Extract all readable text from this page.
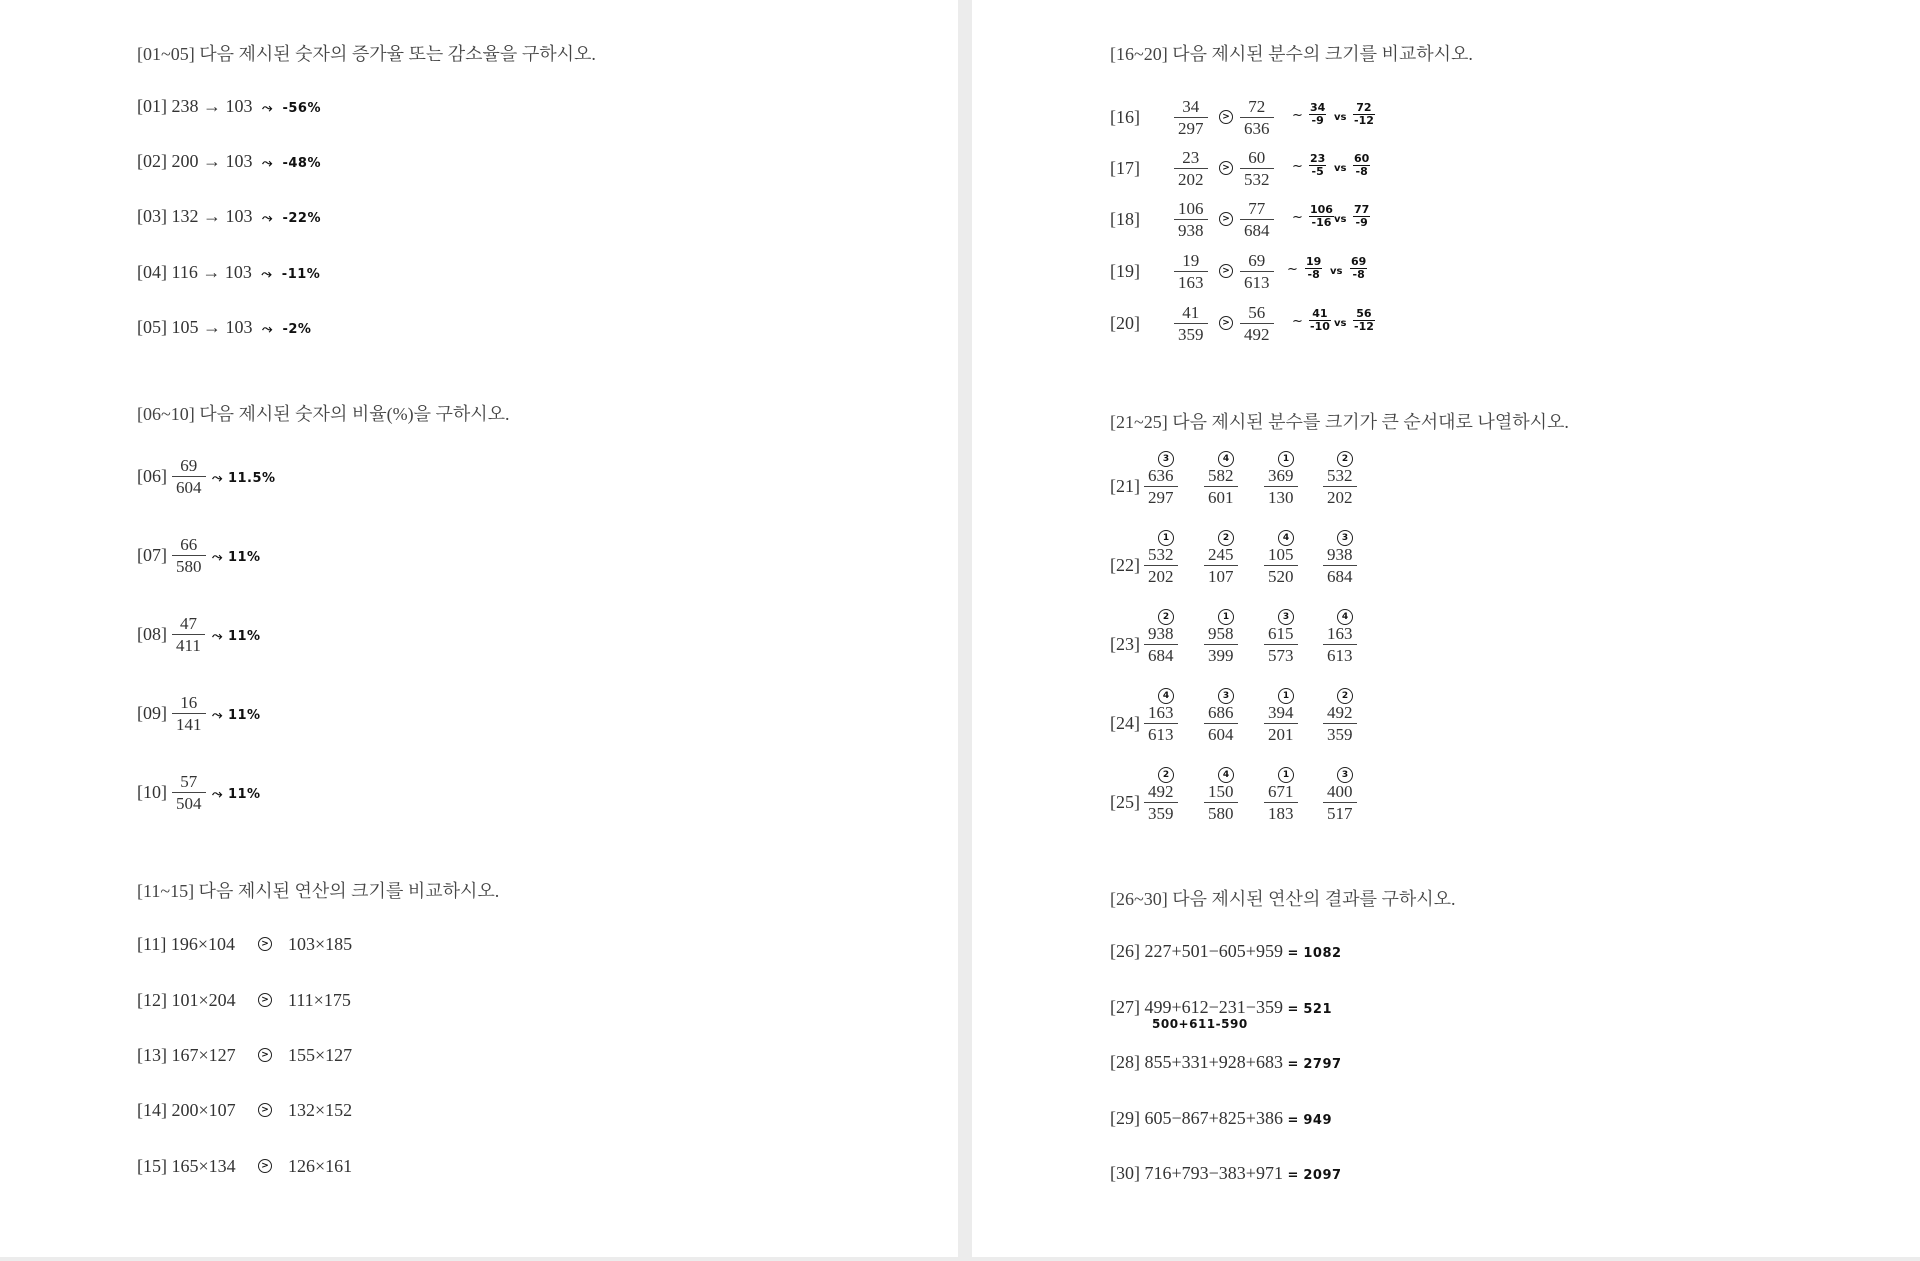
[01~05] 다음 제시된 숫자의 증가율 또는 감소율을 구하시오.
[01] 238 → 103  ⤳  -56%
[02] 200 → 103  ⤳  -48%
[03] 132 → 103  ⤳  -22%
[04] 116 → 103  ⤳  -11%
[05] 105 → 103  ⤳  -2%
[06~10] 다음 제시된 숫자의 비율(%)을 구하시오.
$[06] \frac{69}{604}$ ⤳ 11.5%
$[07] \frac{66}{580}$ ⤳ 11%
$[08] \frac{47}{411}$ ⤳ 11%
$[09] \frac{16}{141}$ ⤳ 11%
$[10] \frac{57}{504}$ ⤳ 11%
[11~15] 다음 제시된 연산의 크기를 비교하시오.
[11] 196×104	> 103×185
[12] 101×204	> 111×175
[13] 167×127	> 155×127
[14] 200×107	> 132×152
[15] 165×134	> 126×161
[16~20] 다음 제시된 분수의 크기를 비교하시오.
$[16] \frac{34}{297}$	> $\frac{72}{636}$ ~ $\frac{34}{-9}$ vs $\frac{72}{-12}$
$[17] \frac{23}{202}$	> $\frac{60}{532}$ ~ $\frac{23}{-5}$ vs $\frac{60}{-8}$
$[18] \frac{106}{938}$	> $\frac{77}{684}$ ~ $\frac{106}{-16}$ vs $\frac{77}{-9}$
$[19] \frac{19}{163}$	> $\frac{69}{613}$ ~ $\frac{19}{-8}$ vs $\frac{69}{-8}$
$[20] \frac{41}{359}$	> $\frac{56}{492}$ ~ $\frac{41}{-10}$ vs $\frac{56}{-12}$
[21~25] 다음 제시된 분수를 크기가 큰 순서대로 나열하시오.
[21]
3
$\frac{636}{297}$
4
$\frac{582}{601}$
1
$\frac{369}{130}$
2
$\frac{532}{202}$
[22]
1
$\frac{532}{202}$
2
$\frac{245}{107}$
4
$\frac{105}{520}$
3
$\frac{938}{684}$
[23]
2
$\frac{938}{684}$
1
$\frac{958}{399}$
3
$\frac{615}{573}$
4
$\frac{163}{613}$
[24]
4
$\frac{163}{613}$
3
$\frac{686}{604}$
1
$\frac{394}{201}$
2
$\frac{492}{359}$
[25]
2
$\frac{492}{359}$
4
$\frac{150}{580}$
1
$\frac{671}{183}$
3
$\frac{400}{517}$
[26~30] 다음 제시된 연산의 결과를 구하시오.
[26] 227+501−605+959 = 1082
[27] 499+612−231−359 = 521
500+611-590
[28] 855+331+928+683 = 2797
[29] 605−867+825+386 = 949
[30] 716+793−383+971 = 2097
